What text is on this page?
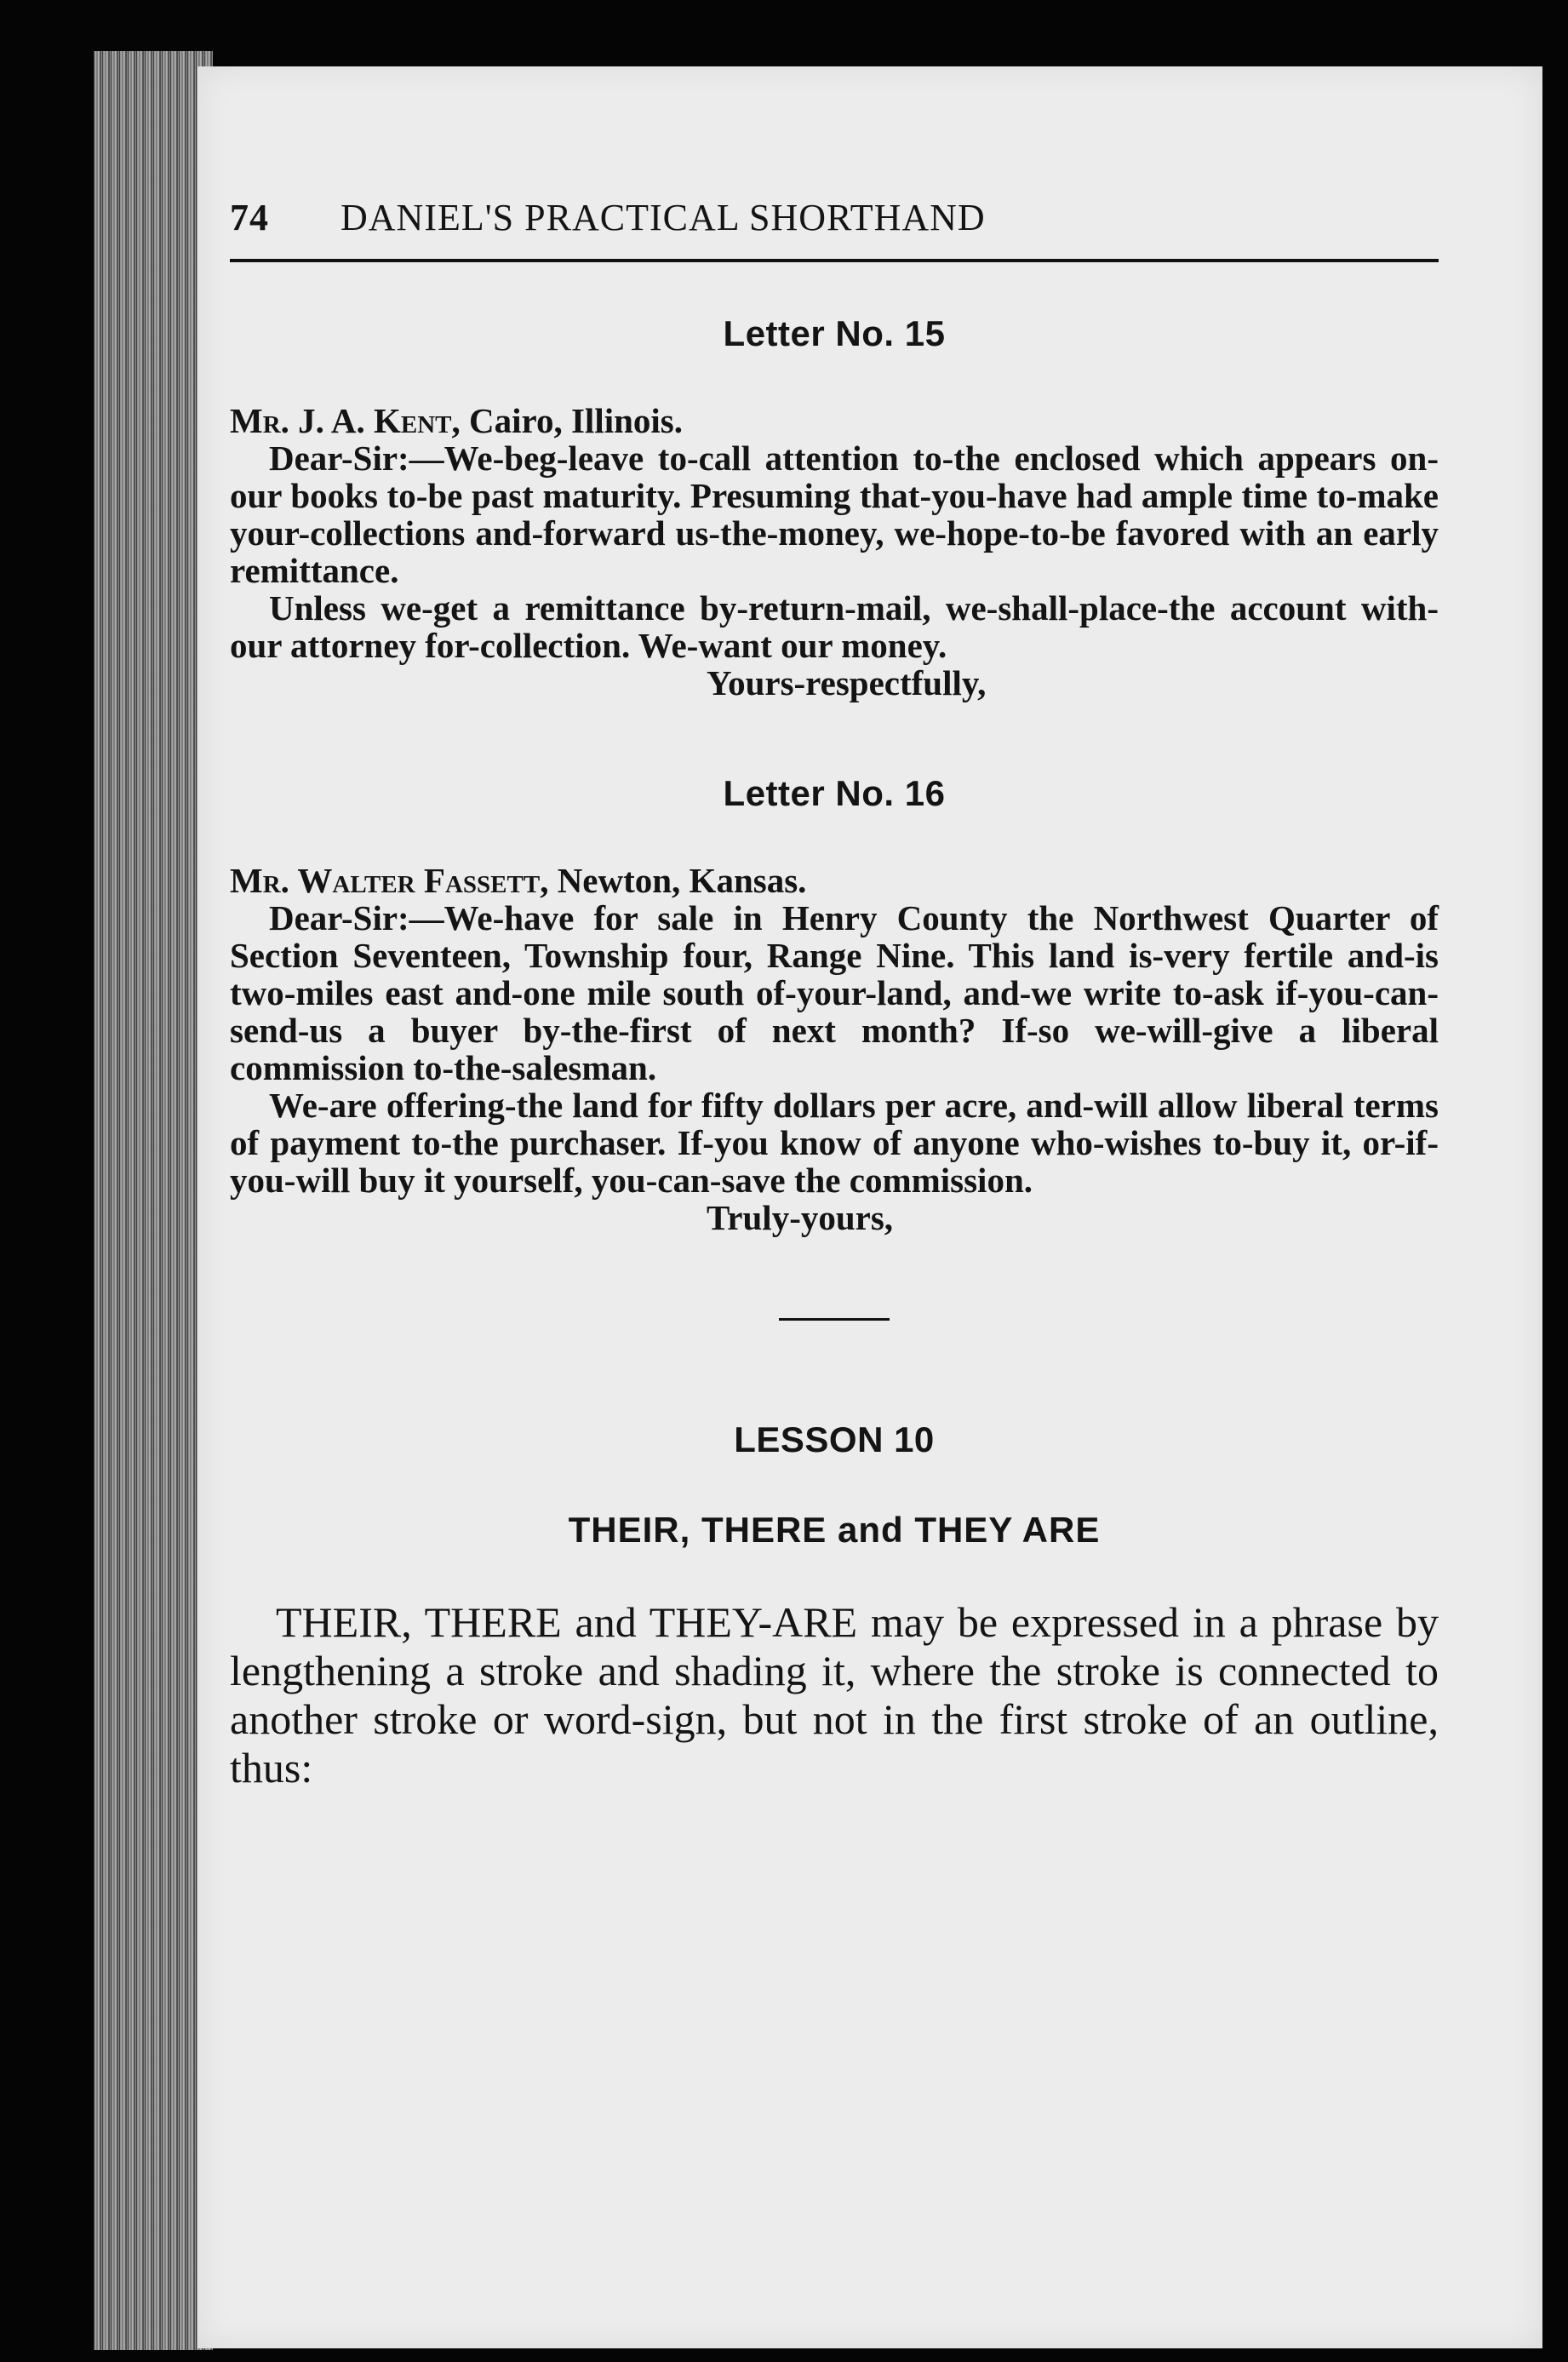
74	DANIEL'S PRACTICAL SHORTHAND
Letter No. 15

Mr. J. A. Kent, Cairo, Illinois.

Dear-Sir:—We-beg-leave to-call attention to-the enclosed which appears on-our books to-be past maturity. Presuming that-you-have had ample time to-make your-collections and-forward us-the-money, we-hope-to-be favored with an early remittance.

Unless we-get a remittance by-return-mail, we-shall-place-the account with-our attorney for-collection. We-want our money.

Yours-respectfully,
Letter No. 16

Mr. Walter Fassett, Newton, Kansas.

Dear-Sir:—We-have for sale in Henry County the Northwest Quarter of Section Seventeen, Township four, Range Nine. This land is-very fertile and-is two-miles east and-one mile south of-your-land, and-we write to-ask if-you-can-send-us a buyer by-the-first of next month? If-so we-will-give a liberal commission to-the-salesman.

We-are offering-the land for fifty dollars per acre, and-will allow liberal terms of payment to-the purchaser. If-you know of anyone who-wishes to-buy it, or-if-you-will buy it yourself, you-can-save the commission.

Truly-yours,
LESSON 10
THEIR, THERE and THEY ARE

THEIR, THERE and THEY-ARE may be expressed in a phrase by lengthening a stroke and shading it, where the stroke is connected to another stroke or word-sign, but not in the first stroke of an outline, thus:
